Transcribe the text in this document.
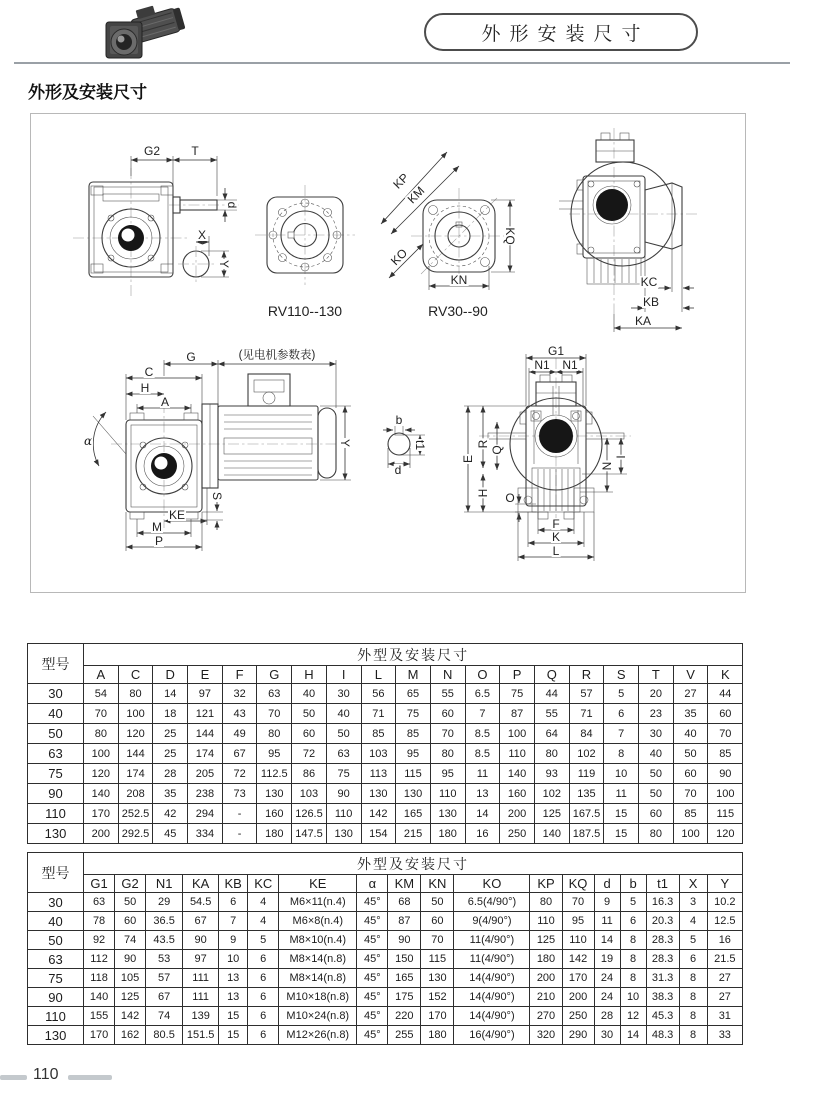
外形安装尺寸
外形及安装尺寸
G2	T
d
X
Y
RV110--130
KP
KM
KO
KQ
KN
RV30--90
KC
KB
KA
G	(见电机参数表)
C
H
A
α	Y
b
t1
d
S
KE
M
P
G1
N1 N1
E
R
Q
H O
I
N
F
K
L
型号	外型及安装尺寸																		
	A	C	D	E	F	G	H	I	L	M	N	O	P	Q	R	S	T	V	K
30	54	80	14	97	32	63	40	30	56	65	55	6.5	75	44	57	5	20	27	44
40	70	100	18	121	43	70	50	40	71	75	60	7	87	55	71	6	23	35	60
50	80	120	25	144	49	80	60	50	85	85	70	8.5	100	64	84	7	30	40	70
63	100	144	25	174	67	95	72	63	103	95	80	8.5	110	80	102	8	40	50	85
75	120	174	28	205	72	112.5	86	75	113	115	95	11	140	93	119	10	50	60	90
90	140	208	35	238	73	130	103	90	130	130	110	13	160	102	135	11	50	70	100
110	170	252.5	42	294	-	160	126.5	110	142	165	130	14	200	125	167.5	15	60	85	115
130	200	292.5	45	334	-	180	147.5	130	154	215	180	16	250	140	187.5	15	80	100	120
型号	外型及安装尺寸																	
	G1	G2	N1	KA	KB	KC	KE	α	KM	KN	KO	KP	KQ	d	b	t1	X	Y
30	63	50	29	54.5	6	4	M6×11(n.4)	45°	68	50	6.5(4/90°)	80	70	9	5	16.3	3	10.2
40	78	60	36.5	67	7	4	M6×8(n.4)	45°	87	60	9(4/90°)	110	95	11	6	20.3	4	12.5
50	92	74	43.5	90	9	5	M8×10(n.4)	45°	90	70	11(4/90°)	125	110	14	8	28.3	5	16
63	112	90	53	97	10	6	M8×14(n.8)	45°	150	115	11(4/90°)	180	142	19	8	28.3	6	21.5
75	118	105	57	111	13	6	M8×14(n.8)	45°	165	130	14(4/90°)	200	170	24	8	31.3	8	27
90	140	125	67	111	13	6	M10×18(n.8)	45°	175	152	14(4/90°)	210	200	24	10	38.3	8	27
110	155	142	74	139	15	6	M10×24(n.8)	45°	220	170	14(4/90°)	270	250	28	12	45.3	8	31
130	170	162	80.5	151.5	15	6	M12×26(n.8)	45°	255	180	16(4/90°)	320	290	30	14	48.3	8	33
110
